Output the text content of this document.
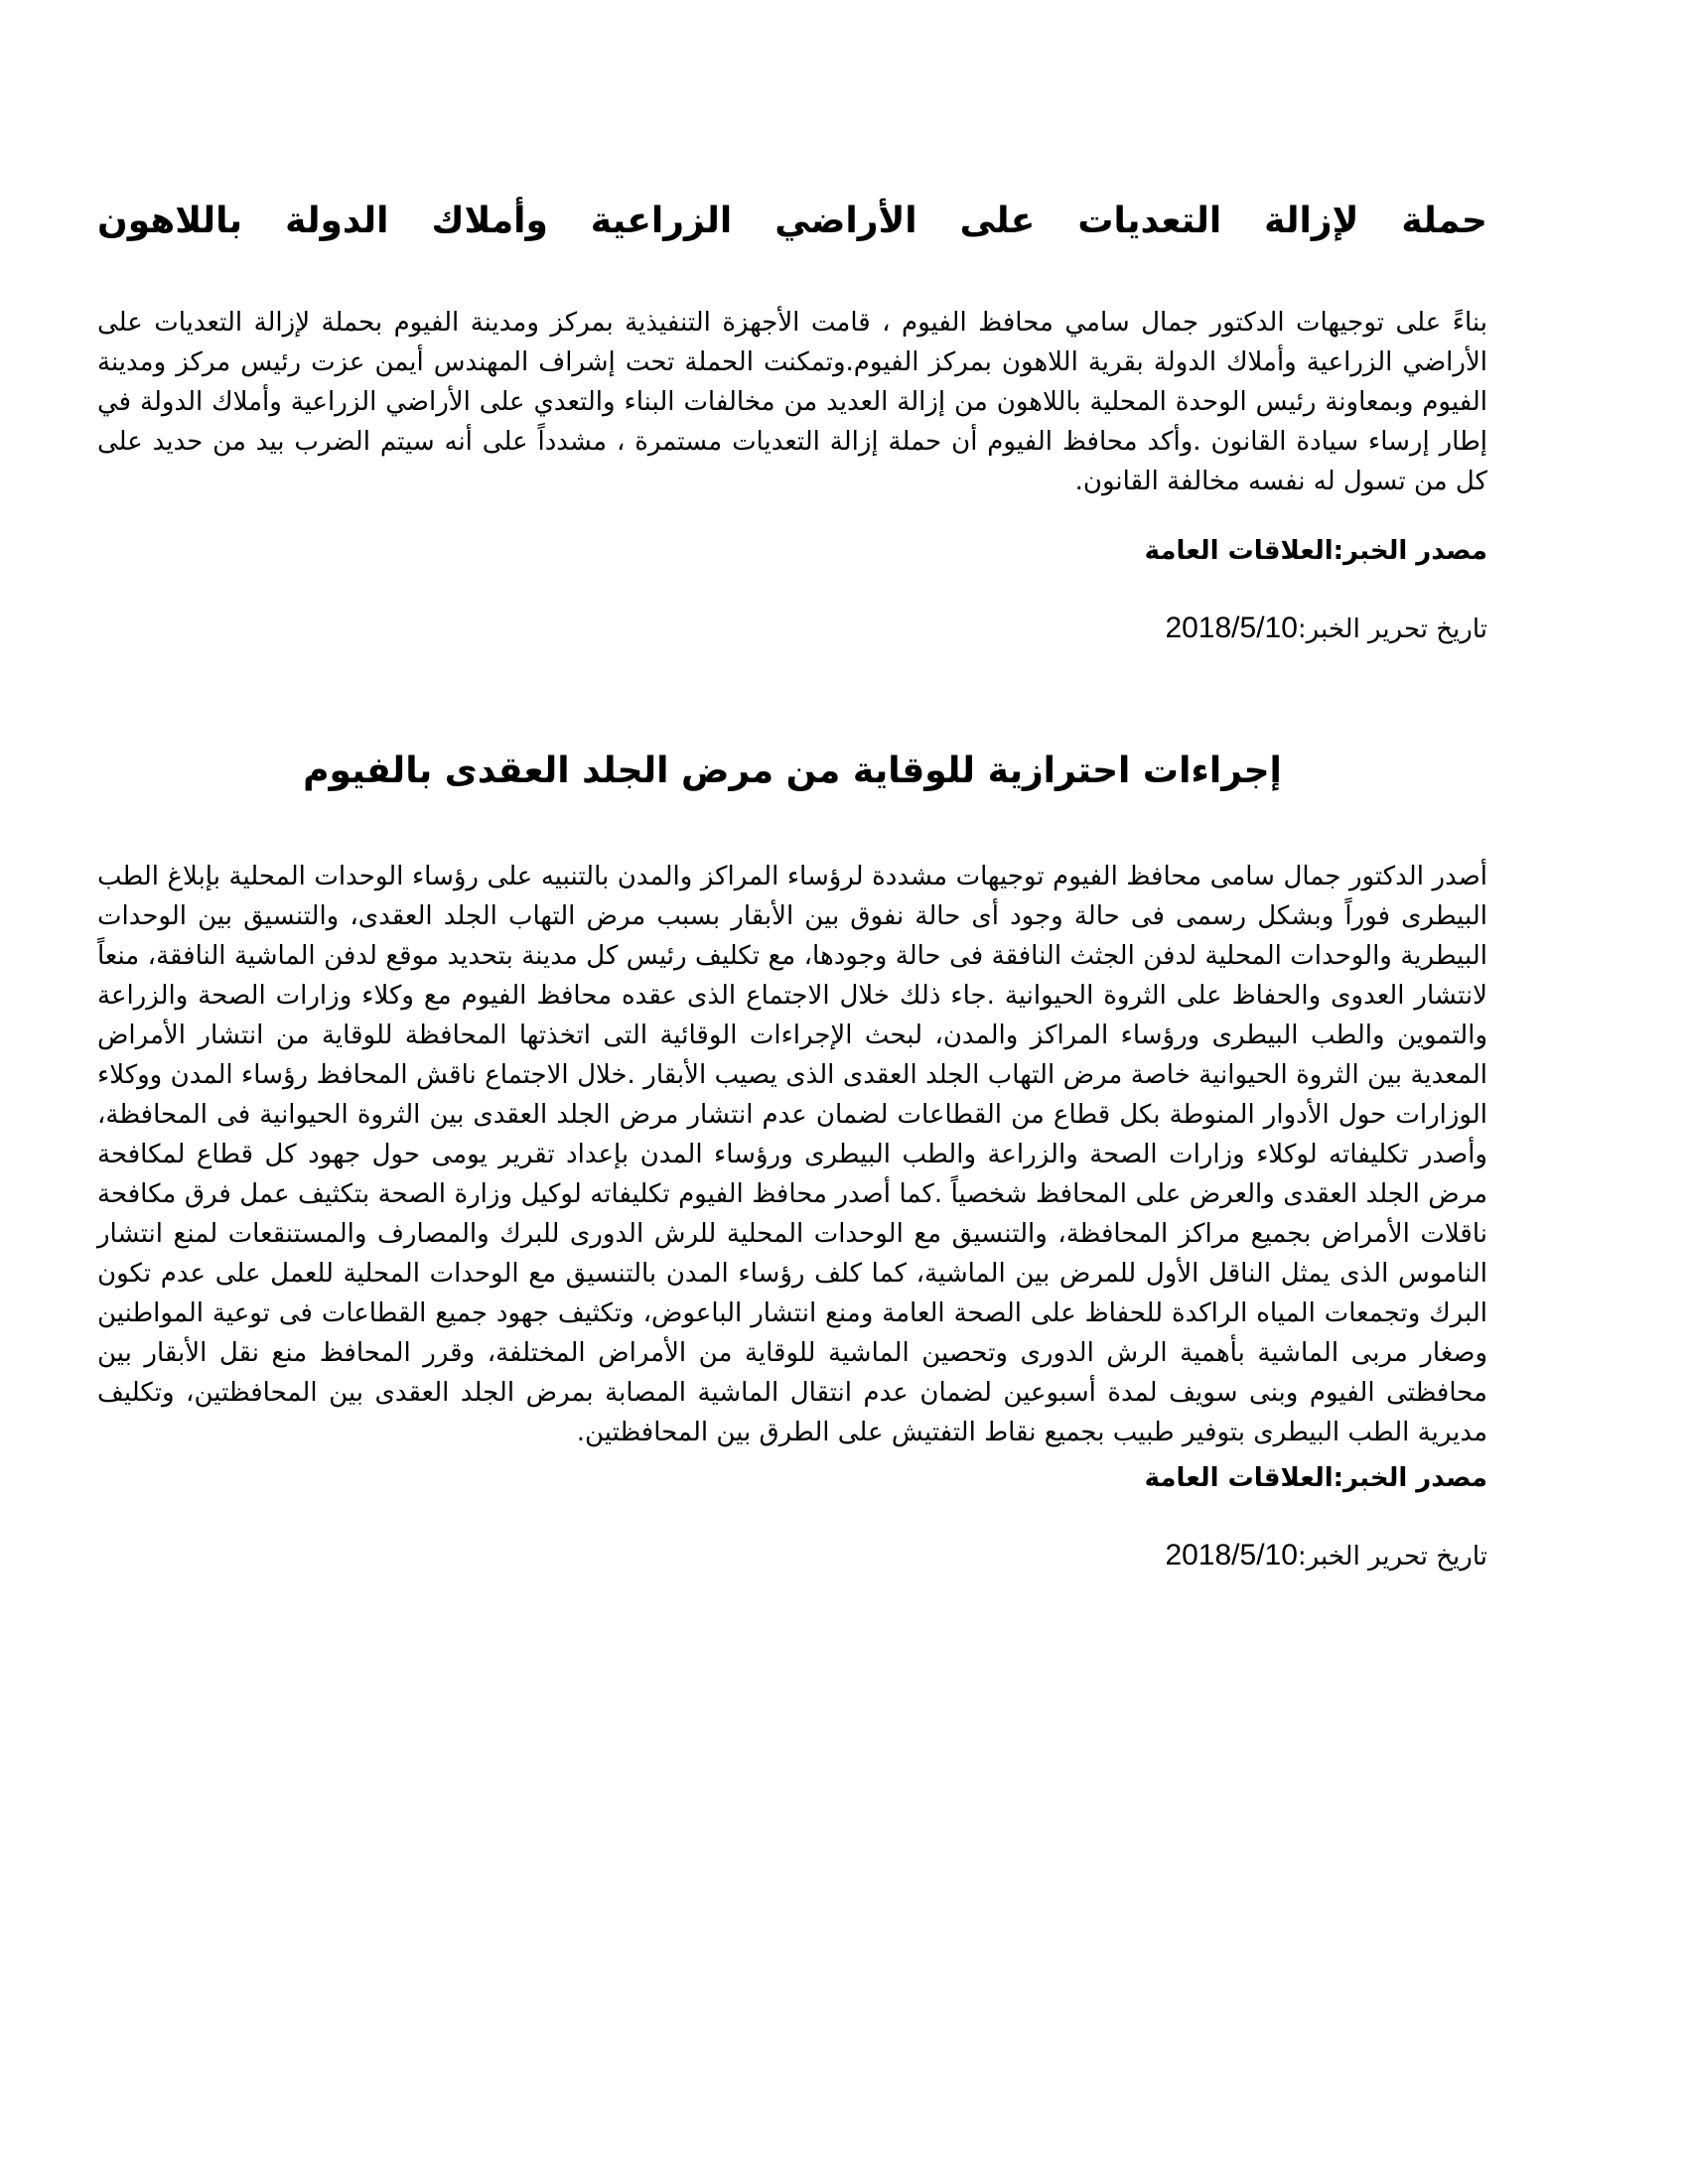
حملة لإزالة التعديات على الأراضي الزراعية وأملاك الدولة باللاهون

بناءً على توجيهات الدكتور جمال سامي محافظ الفيوم ، قامت الأجهزة التنفيذية بمركز ومدينة الفيوم بحملة لإزالة التعديات على الأراضي الزراعية وأملاك الدولة بقرية اللاهون بمركز الفيوم.وتمكنت الحملة تحت إشراف المهندس أيمن عزت رئيس مركز ومدينة الفيوم وبمعاونة رئيس الوحدة المحلية باللاهون من إزالة العديد من مخالفات البناء والتعدي على الأراضي الزراعية وأملاك الدولة في إطار إرساء سيادة القانون .وأكد محافظ الفيوم أن حملة إزالة التعديات مستمرة ، مشدداً على أنه سيتم الضرب بيد من حديد على كل من تسول له نفسه مخالفة القانون.

مصدر الخبر:العلاقات العامة

تاريخ تحرير الخبر:2018/5/10

إجراءات احترازية للوقاية من مرض الجلد العقدى بالفيوم

أصدر الدكتور جمال سامى محافظ الفيوم توجيهات مشددة لرؤساء المراكز والمدن بالتنبيه على رؤساء الوحدات المحلية بإبلاغ الطب البيطرى فوراً وبشكل رسمى فى حالة وجود أى حالة نفوق بين الأبقار بسبب مرض التهاب الجلد العقدى، والتنسيق بين الوحدات البيطرية والوحدات المحلية لدفن الجثث النافقة فى حالة وجودها، مع تكليف رئيس كل مدينة بتحديد موقع لدفن الماشية النافقة، منعاً لانتشار العدوى والحفاظ على الثروة الحيوانية .جاء ذلك خلال الاجتماع الذى عقده محافظ الفيوم مع وكلاء وزارات الصحة والزراعة والتموين والطب البيطرى ورؤساء المراكز والمدن، لبحث الإجراءات الوقائية التى اتخذتها المحافظة للوقاية من انتشار الأمراض المعدية بين الثروة الحيوانية خاصة مرض التهاب الجلد العقدى الذى يصيب الأبقار .خلال الاجتماع ناقش المحافظ رؤساء المدن ووكلاء الوزارات حول الأدوار المنوطة بكل قطاع من القطاعات لضمان عدم انتشار مرض الجلد العقدى بين الثروة الحيوانية فى المحافظة، وأصدر تكليفاته لوكلاء وزارات الصحة والزراعة والطب البيطرى ورؤساء المدن بإعداد تقرير يومى حول جهود كل قطاع لمكافحة مرض الجلد العقدى والعرض على المحافظ شخصياً .كما أصدر محافظ الفيوم تكليفاته لوكيل وزارة الصحة بتكثيف عمل فرق مكافحة ناقلات الأمراض بجميع مراكز المحافظة، والتنسيق مع الوحدات المحلية للرش الدورى للبرك والمصارف والمستنقعات لمنع انتشار الناموس الذى يمثل الناقل الأول للمرض بين الماشية، كما كلف رؤساء المدن بالتنسيق مع الوحدات المحلية للعمل على عدم تكون البرك وتجمعات المياه الراكدة للحفاظ على الصحة العامة ومنع انتشار الباعوض، وتكثيف جهود جميع القطاعات فى توعية المواطنين وصغار مربى الماشية بأهمية الرش الدورى وتحصين الماشية للوقاية من الأمراض المختلفة، وقرر المحافظ منع نقل الأبقار بين محافظتى الفيوم وبنى سويف لمدة أسبوعين لضمان عدم انتقال الماشية المصابة بمرض الجلد العقدى بين المحافظتين، وتكليف مديرية الطب البيطرى بتوفير طبيب بجميع نقاط التفتيش على الطرق بين المحافظتين.

مصدر الخبر:العلاقات العامة

تاريخ تحرير الخبر:2018/5/10
